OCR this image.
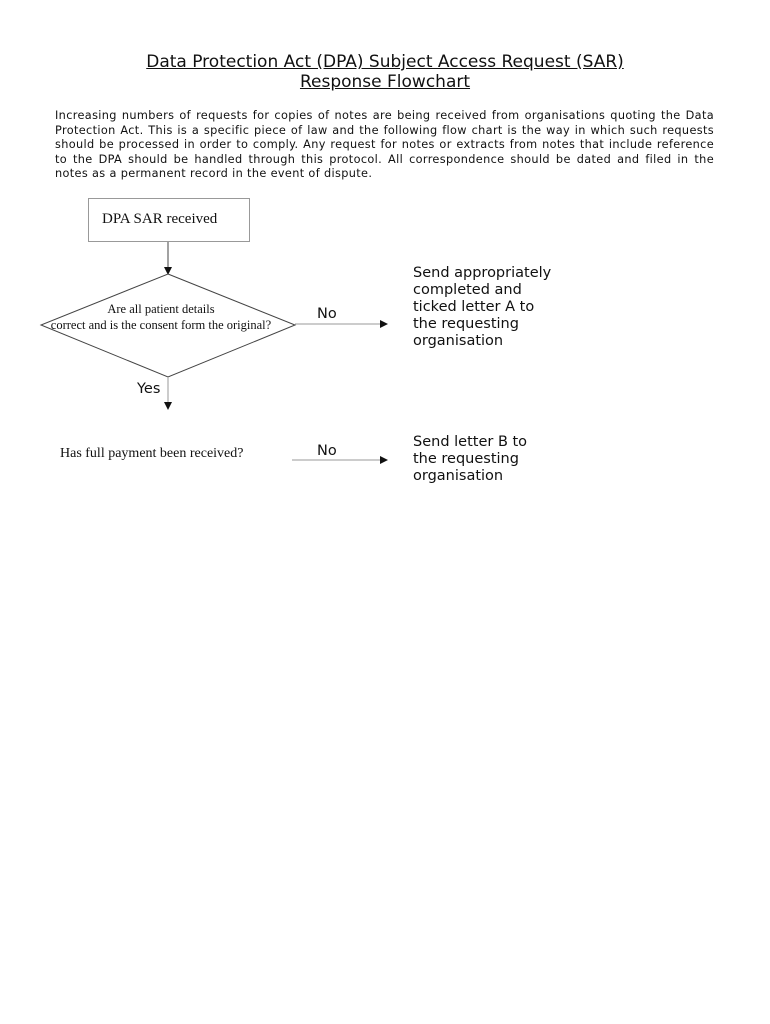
Data Protection Act (DPA) Subject Access Request (SAR)
Response Flowchart

Increasing numbers of requests for copies of notes are being received from organisations quoting the Data Protection Act. This is a specific piece of law and the following flow chart is the way in which such requests should be processed in order to comply. Any request for notes or extracts from notes that include reference to the DPA should be handled through this protocol. All correspondence should be dated and filed in the notes as a permanent record in the event of dispute.

DPA SAR received
Are all patient details
correct and is the consent form the original?
No
Yes
Send appropriately
completed and
ticked letter A to
the requesting
organisation
Has full payment been received?	No
Send letter B to
the requesting
organisation
